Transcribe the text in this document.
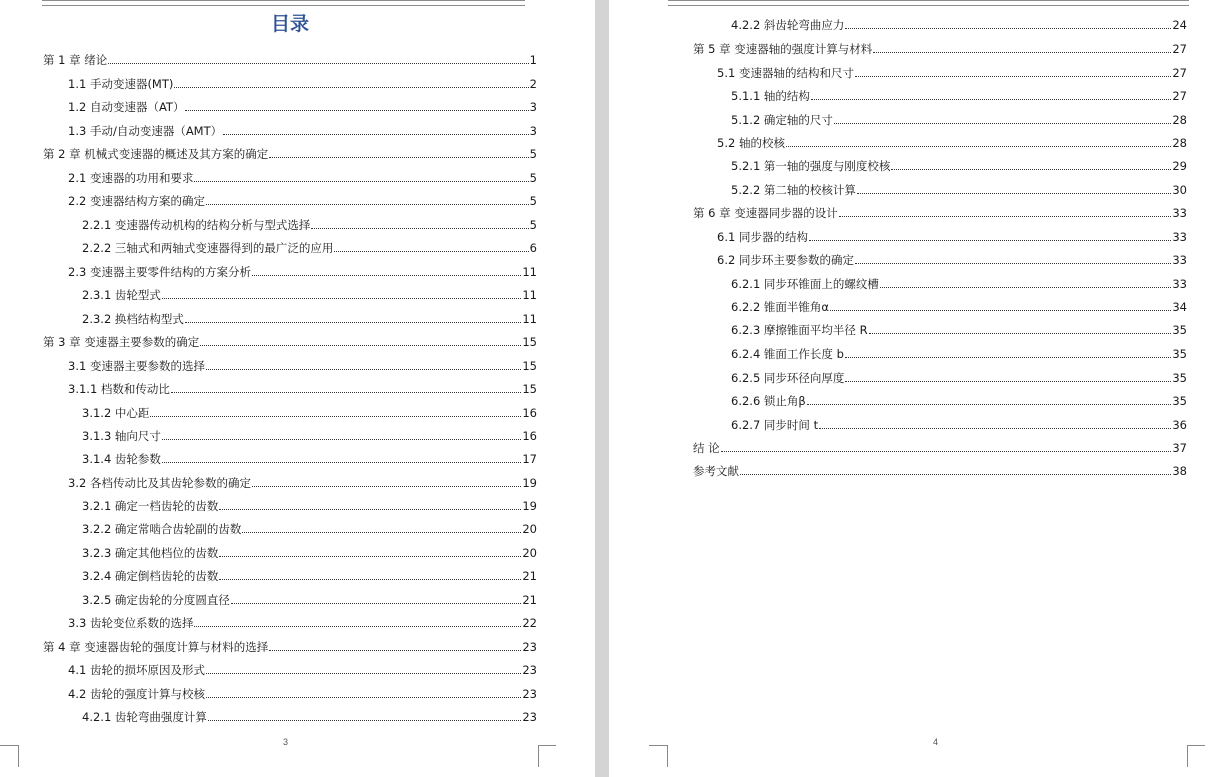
目录
第 1 章 绪论	1
1.1 手动变速器(MT)	2
1.2 自动变速器（AT）	3
1.3 手动/自动变速器（AMT）	3
第 2 章 机械式变速器的概述及其方案的确定	5
2.1 变速器的功用和要求	5
2.2 变速器结构方案的确定	5
2.2.1 变速器传动机构的结构分析与型式选择	5
2.2.2 三轴式和两轴式变速器得到的最广泛的应用	6
2.3 变速器主要零件结构的方案分析	11
2.3.1 齿轮型式	11
2.3.2 换档结构型式	11
第 3 章 变速器主要参数的确定	15
3.1 变速器主要参数的选择	15
3.1.1 档数和传动比	15
3.1.2 中心距	16
3.1.3 轴向尺寸	16
3.1.4 齿轮参数	17
3.2 各档传动比及其齿轮参数的确定	19
3.2.1 确定一档齿轮的齿数	19
3.2.2 确定常啮合齿轮副的齿数	20
3.2.3 确定其他档位的齿数	20
3.2.4 确定倒档齿轮的齿数	21
3.2.5 确定齿轮的分度圆直径	21
3.3 齿轮变位系数的选择	22
第 4 章 变速器齿轮的强度计算与材料的选择	23
4.1 齿轮的损坏原因及形式	23
4.2 齿轮的强度计算与校核	23
4.2.1 齿轮弯曲强度计算	23
3
4.2.2 斜齿轮弯曲应力	24
第 5 章 变速器轴的强度计算与材料	27
5.1 变速器轴的结构和尺寸	27
5.1.1 轴的结构	27
5.1.2 确定轴的尺寸	28
5.2 轴的校核	28
5.2.1 第一轴的强度与刚度校核	29
5.2.2 第二轴的校核计算	30
第 6 章 变速器同步器的设计	33
6.1 同步器的结构	33
6.2 同步环主要参数的确定	33
6.2.1 同步环锥面上的螺纹槽	33
6.2.2 锥面半锥角α	34
6.2.3 摩擦锥面平均半径 R	35
6.2.4 锥面工作长度 b	35
6.2.5 同步环径向厚度	35
6.2.6 锁止角β	35
6.2.7 同步时间 t	36
结 论	37
参考文献	38
4
